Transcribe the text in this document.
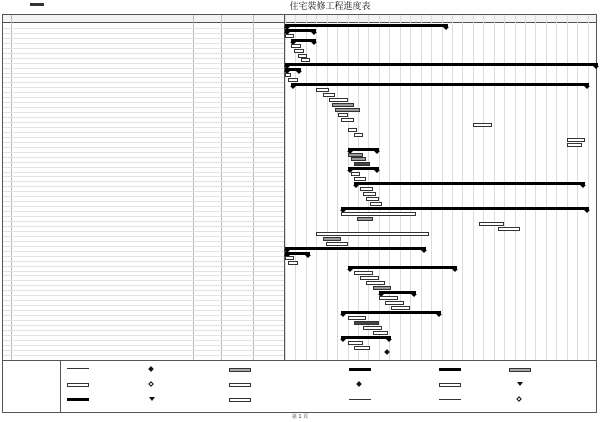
住宅裝修工程進度表
第 1 頁
